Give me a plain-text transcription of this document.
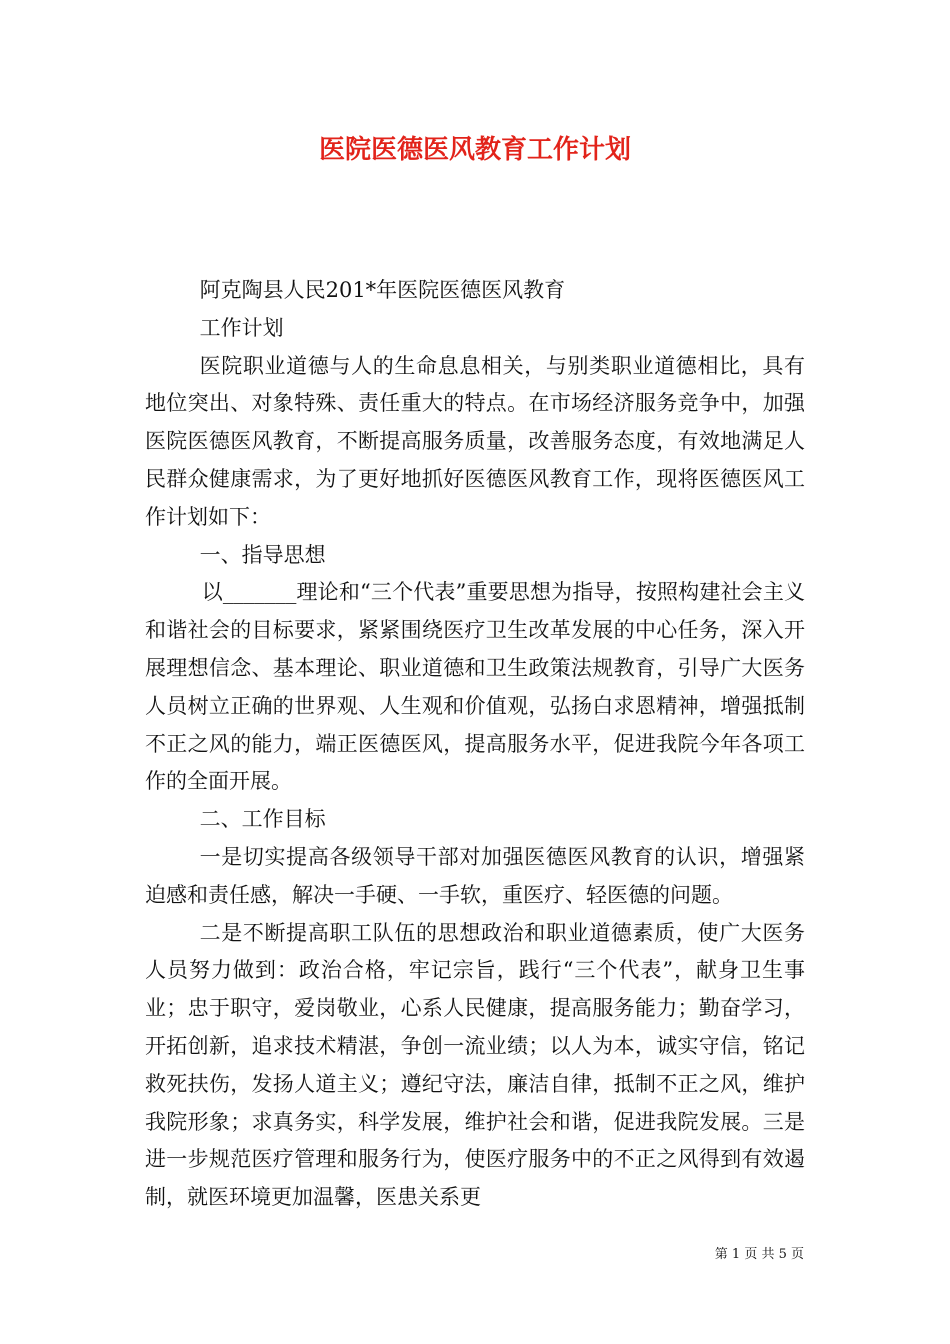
医院医德医风教育工作计划

阿克陶县人民201*年医院医德医风教育

工作计划

医院职业道德与人的生命息息相关，与别类职业道德相比，具有地位突出、对象特殊、责任重大的特点。在市场经济服务竞争中，加强医院医德医风教育，不断提高服务质量，改善服务态度，有效地满足人民群众健康需求，为了更好地抓好医德医风教育工作，现将医德医风工作计划如下：

一、指导思想

以_______理论和“三个代表”重要思想为指导，按照构建社会主义和谐社会的目标要求，紧紧围绕医疗卫生改革发展的中心任务，深入开展理想信念、基本理论、职业道德和卫生政策法规教育，引导广大医务人员树立正确的世界观、人生观和价值观，弘扬白求恩精神，增强抵制不正之风的能力，端正医德医风，提高服务水平，促进我院今年各项工作的全面开展。

二、工作目标

一是切实提高各级领导干部对加强医德医风教育的认识，增强紧迫感和责任感，解决一手硬、一手软，重医疗、轻医德的问题。

二是不断提高职工队伍的思想政治和职业道德素质，使广大医务人员努力做到：政治合格，牢记宗旨，践行“三个代表”，献身卫生事业；忠于职守，爱岗敬业，心系人民健康，提高服务能力；勤奋学习，开拓创新，追求技术精湛，争创一流业绩；以人为本，诚实守信，铭记救死扶伤，发扬人道主义；遵纪守法，廉洁自律，抵制不正之风，维护我院形象；求真务实，科学发展，维护社会和谐，促进我院发展。三是进一步规范医疗管理和服务行为，使医疗服务中的不正之风得到有效遏制，就医环境更加温馨，医患关系更

第 1 页 共 5 页
